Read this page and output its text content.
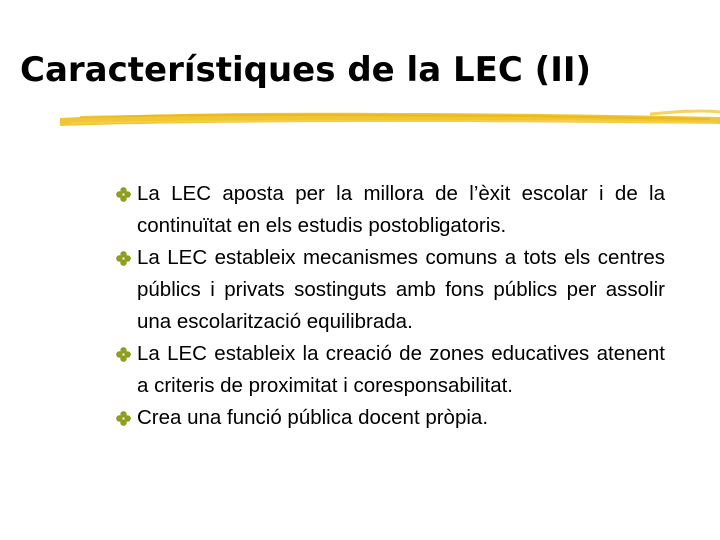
Característiques de la LEC (II)
La LEC aposta per la millora de l’èxit escolar i de la continuïtat en els estudis postobligatoris.
La LEC estableix mecanismes comuns a tots els centres públics i privats sostinguts amb fons públics per assolir una escolarització equilibrada.
La LEC estableix la creació de zones educatives atenent a criteris de proximitat i coresponsabilitat.
Crea una funció pública docent pròpia.
